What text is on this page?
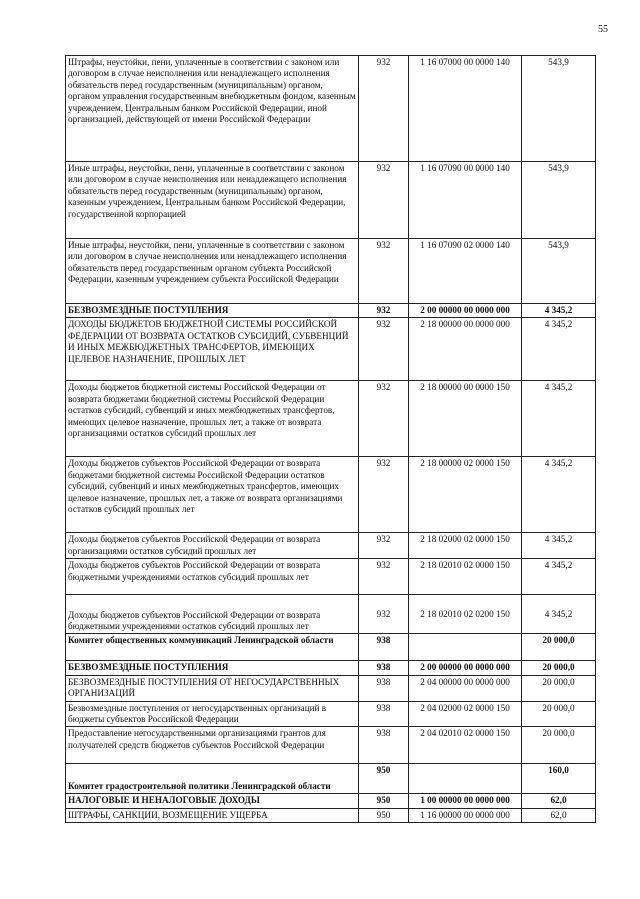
55
Штрафы, неустойки, пени, уплаченные в соответствии с законом или договором в случае неисполнения или ненадлежащего исполнения обязательств перед государственным (муниципальным) органом, органом управления государственным внебюджетным фондом, казенным учреждением, Центральным банком Российской Федерации, иной организацией, действующей от имени Российской Федерации	932	1 16 07000 00 0000 140	543,9
Иные штрафы, неустойки, пени, уплаченные в соответствии с законом или договором в случае неисполнения или ненадлежащего исполнения обязательств перед государственным (муниципальным) органом, казенным учреждением, Центральным банком Российской Федерации, государственной корпорацией	932	1 16 07090 00 0000 140	543,9
Иные штрафы, неустойки, пени, уплаченные в соответствии с законом или договором в случае неисполнения или ненадлежащего исполнения обязательств перед государственным органом субъекта Российской Федерации, казенным учреждением субъекта Российской Федерации	932	1 16 07090 02 0000 140	543,9
БЕЗВОЗМЕЗДНЫЕ ПОСТУПЛЕНИЯ	932	2 00 00000 00 0000 000	4 345,2
ДОХОДЫ БЮДЖЕТОВ БЮДЖЕТНОЙ СИСТЕМЫ РОССИЙСКОЙ ФЕДЕРАЦИИ ОТ ВОЗВРАТА ОСТАТКОВ СУБСИДИЙ, СУБВЕНЦИЙ И ИНЫХ МЕЖБЮДЖЕТНЫХ ТРАНСФЕРТОВ, ИМЕЮЩИХ ЦЕЛЕВОЕ НАЗНАЧЕНИЕ, ПРОШЛЫХ ЛЕТ	932	2 18 00000 00 0000 000	4 345,2
Доходы бюджетов бюджетной системы Российской Федерации от возврата бюджетами бюджетной системы Российской Федерации остатков субсидий, субвенций и иных межбюджетных трансфертов, имеющих целевое назначение, прошлых лет, а также от возврата организациями остатков субсидий прошлых лет	932	2 18 00000 00 0000 150	4 345,2
Доходы бюджетов субъектов Российской Федерации от возврата бюджетами бюджетной системы Российской Федерации остатков субсидий, субвенций и иных межбюджетных трансфертов, имеющих целевое назначение, прошлых лет, а также от возврата организациями остатков субсидий прошлых лет	932	2 18 00000 02 0000 150	4 345,2
Доходы бюджетов субъектов Российской Федерации от возврата организациями остатков субсидий прошлых лет	932	2 18 02000 02 0000 150	4 345,2
Доходы бюджетов субъектов Российской Федерации от возврата бюджетными учреждениями остатков субсидий прошлых лет	932	2 18 02010 02 0000 150	4 345,2
Доходы бюджетов субъектов Российской Федерации от возврата бюджетными учреждениями остатков субсидий прошлых лет	932	2 18 02010 02 0200 150	4 345,2
Комитет общественных коммуникаций Ленинградской области	938		20 000,0
БЕЗВОЗМЕЗДНЫЕ ПОСТУПЛЕНИЯ	938	2 00 00000 00 0000 000	20 000,0
БЕЗВОЗМЕЗДНЫЕ ПОСТУПЛЕНИЯ ОТ НЕГОСУДАРСТВЕННЫХ ОРГАНИЗАЦИЙ	938	2 04 00000 00 0000 000	20 000,0
Безвозмездные поступления от негосударственных организаций в бюджеты субъектов Российской Федерации	938	2 04 02000 02 0000 150	20 000,0
Предоставление негосударственными организациями грантов для получателей средств бюджетов субъектов Российской Федерации	938	2 04 02010 02 0000 150	20 000,0
Комитет градостроительной политики Ленинградской области	950		160,0
НАЛОГОВЫЕ И НЕНАЛОГОВЫЕ ДОХОДЫ	950	1 00 00000 00 0000 000	62,0
ШТРАФЫ, САНКЦИИ, ВОЗМЕЩЕНИЕ УЩЕРБА	950	1 16 00000 00 0000 000	62,0
